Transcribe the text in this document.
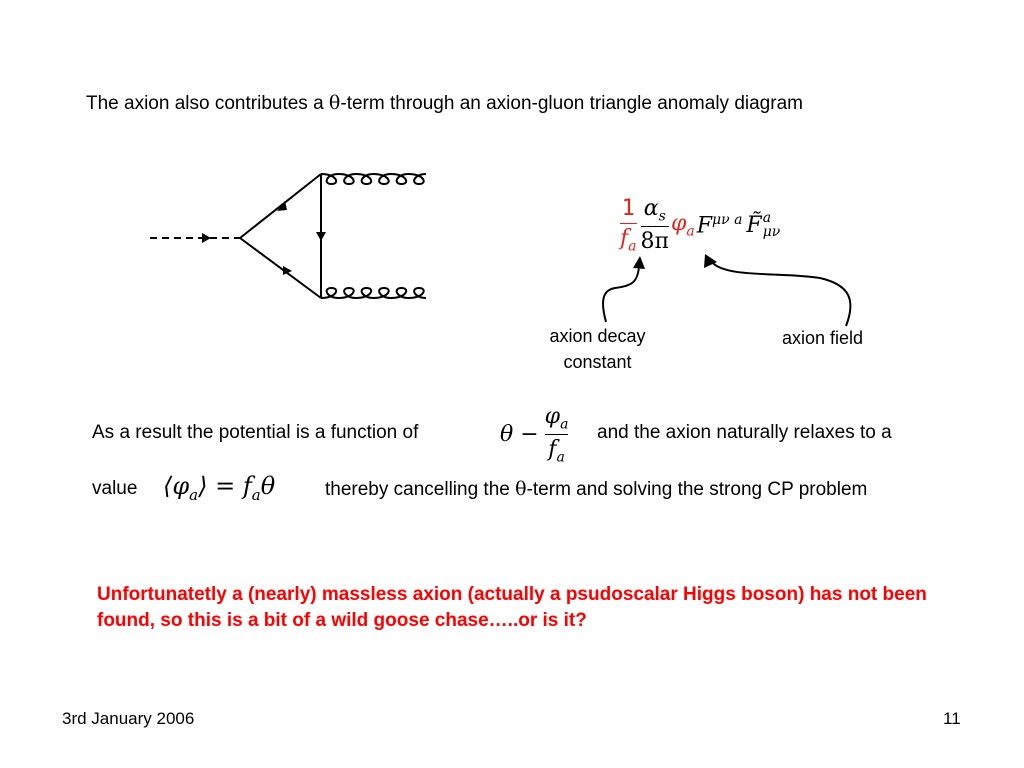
The axion also contributes a θ-term through an axion-gluon triangle anomaly diagram
$\frac{1}{f_a} \frac{\alpha_s}{8\pi} \varphi_a$ $F^{\mu\nu a}$ F̃ a
μν
axion decay constant
axion field
As a result the potential is a function of	$\theta - \frac{\varphi_a}{f_a}$ and the axion naturally relaxes to a
value $⟨\varphi_a⟩ = f_a\theta$	thereby cancelling the θ-term and solving the strong CP problem
Unfortunatetly a (nearly) massless axion (actually a psudoscalar Higgs boson) has not been found, so this is a bit of a wild goose chase…..or is it?
3rd January 2006	11
